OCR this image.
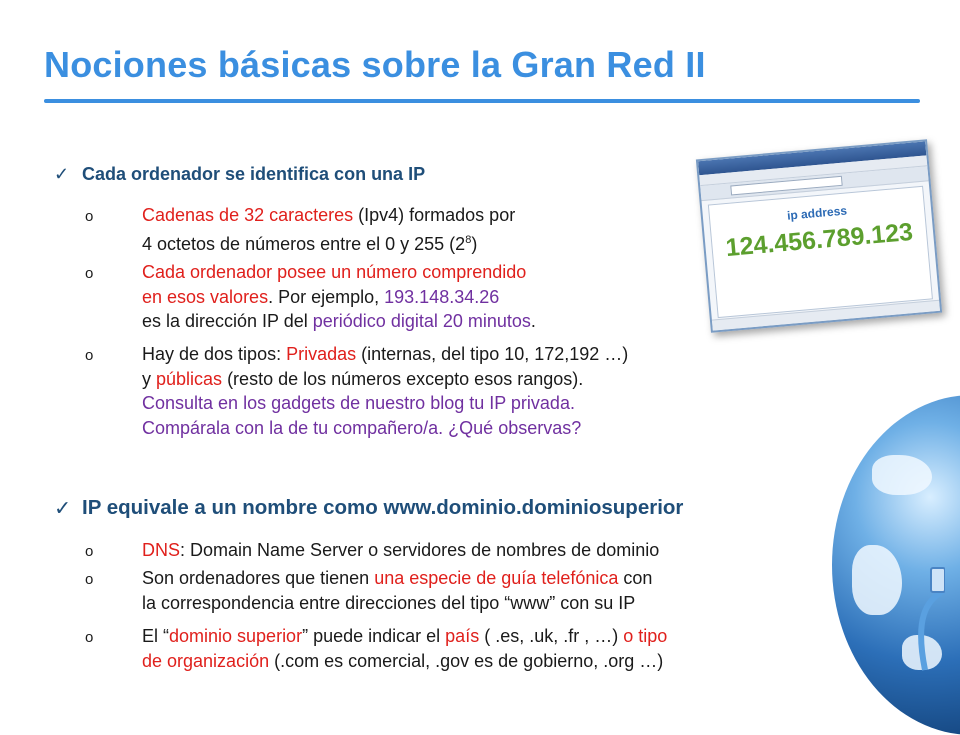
Nociones básicas sobre la Gran Red II
ip address
124.456.789.123
✓ Cada ordenador se identifica con una IP
o	Cadenas de 32 caracteres (Ipv4) formados por
4 octetos de números entre el 0 y 255 $(2^8)$
o	Cada ordenador posee un número comprendido
en esos valores. Por ejemplo, 193.148.34.26
es la dirección IP del periódico digital 20 minutos.
o	Hay de dos tipos: Privadas (internas, del tipo 10, 172,192 …)
y públicas (resto de los números excepto esos rangos).
Consulta en los gadgets de nuestro blog tu IP privada.
Compárala con la de tu compañero/a. ¿Qué observas?
✓ IP equivale a un nombre como www.dominio.dominiosuperior
o	DNS: Domain Name Server o servidores de nombres de dominio
o	Son ordenadores que tienen una especie de guía telefónica con
la correspondencia entre direcciones del tipo “www” con su IP
o	El “dominio superior” puede indicar el país ( .es, .uk, .fr , …) o tipo
de organización (.com es comercial, .gov es de gobierno, .org …)
